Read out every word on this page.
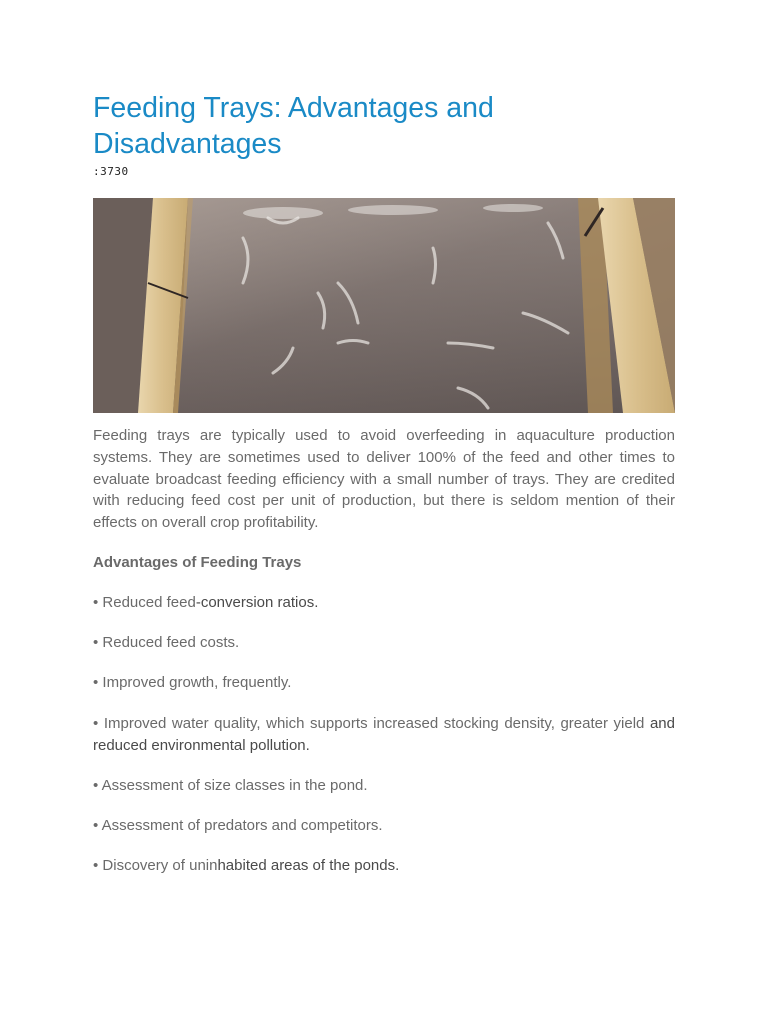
Feeding Trays: Advantages and Disadvantages
:3730

Feeding trays are typically used to avoid overfeeding in aquaculture production systems. They are sometimes used to deliver 100% of the feed and other times to evaluate broadcast feeding efficiency with a small number of trays. They are credited with reducing feed cost per unit of production, but there is seldom mention of their effects on overall crop profitability.

Advantages of Feeding Trays

• Reduced feed-conversion ratios.

• Reduced feed costs.

• Improved growth, frequently.

• Improved water quality, which supports increased stocking density, greater yield and reduced environmental pollution.

• Assessment of size classes in the pond.

• Assessment of predators and competitors.

• Discovery of uninhabited areas of the ponds.
